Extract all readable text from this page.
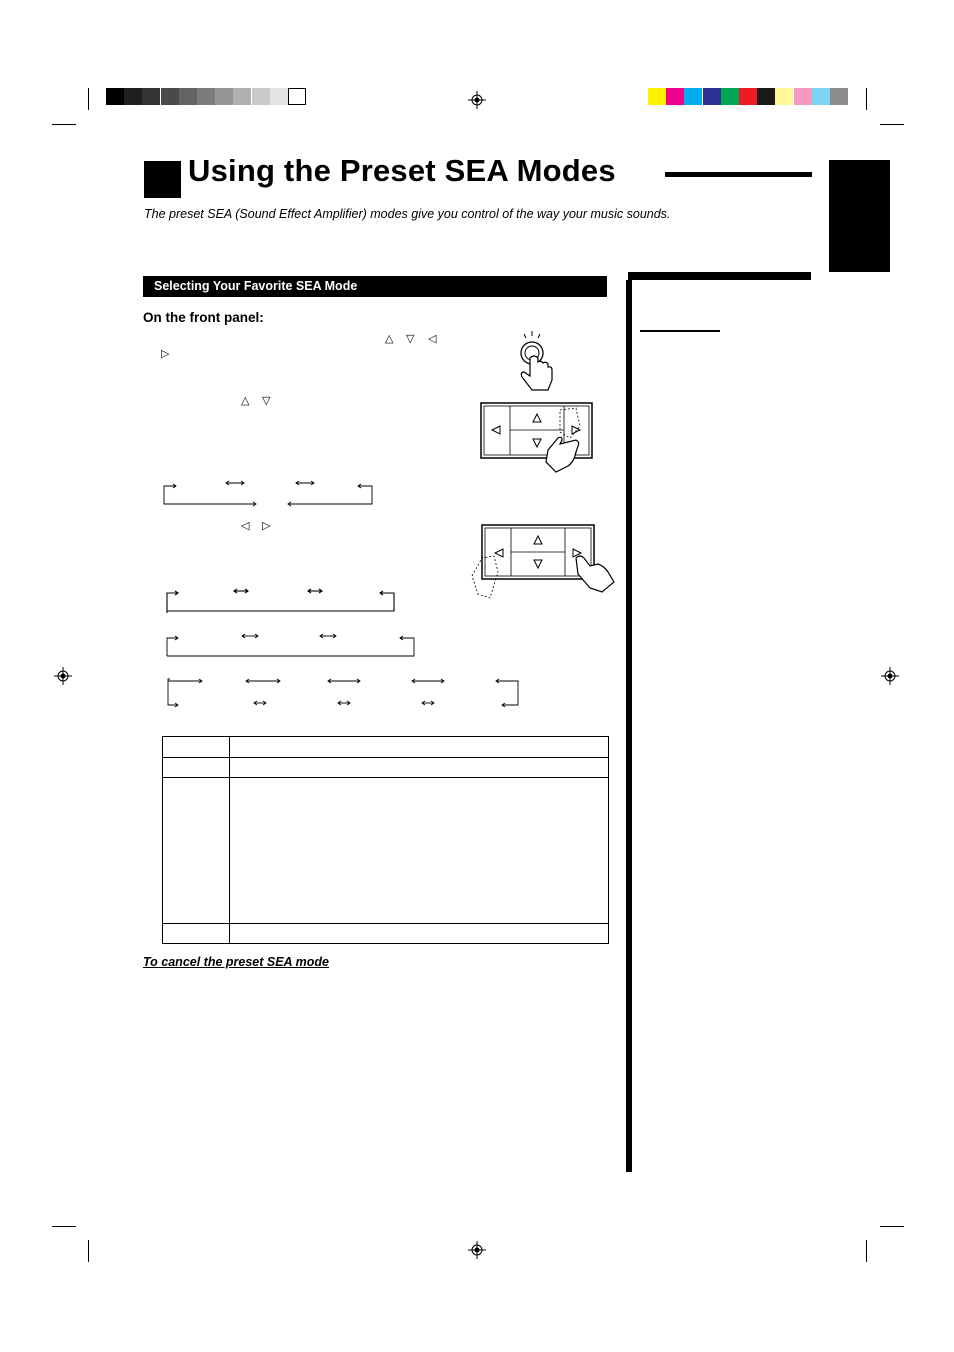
Using the Preset SEA Modes
The preset SEA (Sound Effect Amplifier) modes give you control of the way your music sounds.
Selecting Your Favorite SEA Mode
On the front panel:
△ ▽ ◁
▷
△ ▽
◁ ▷

To cancel the preset SEA mode
